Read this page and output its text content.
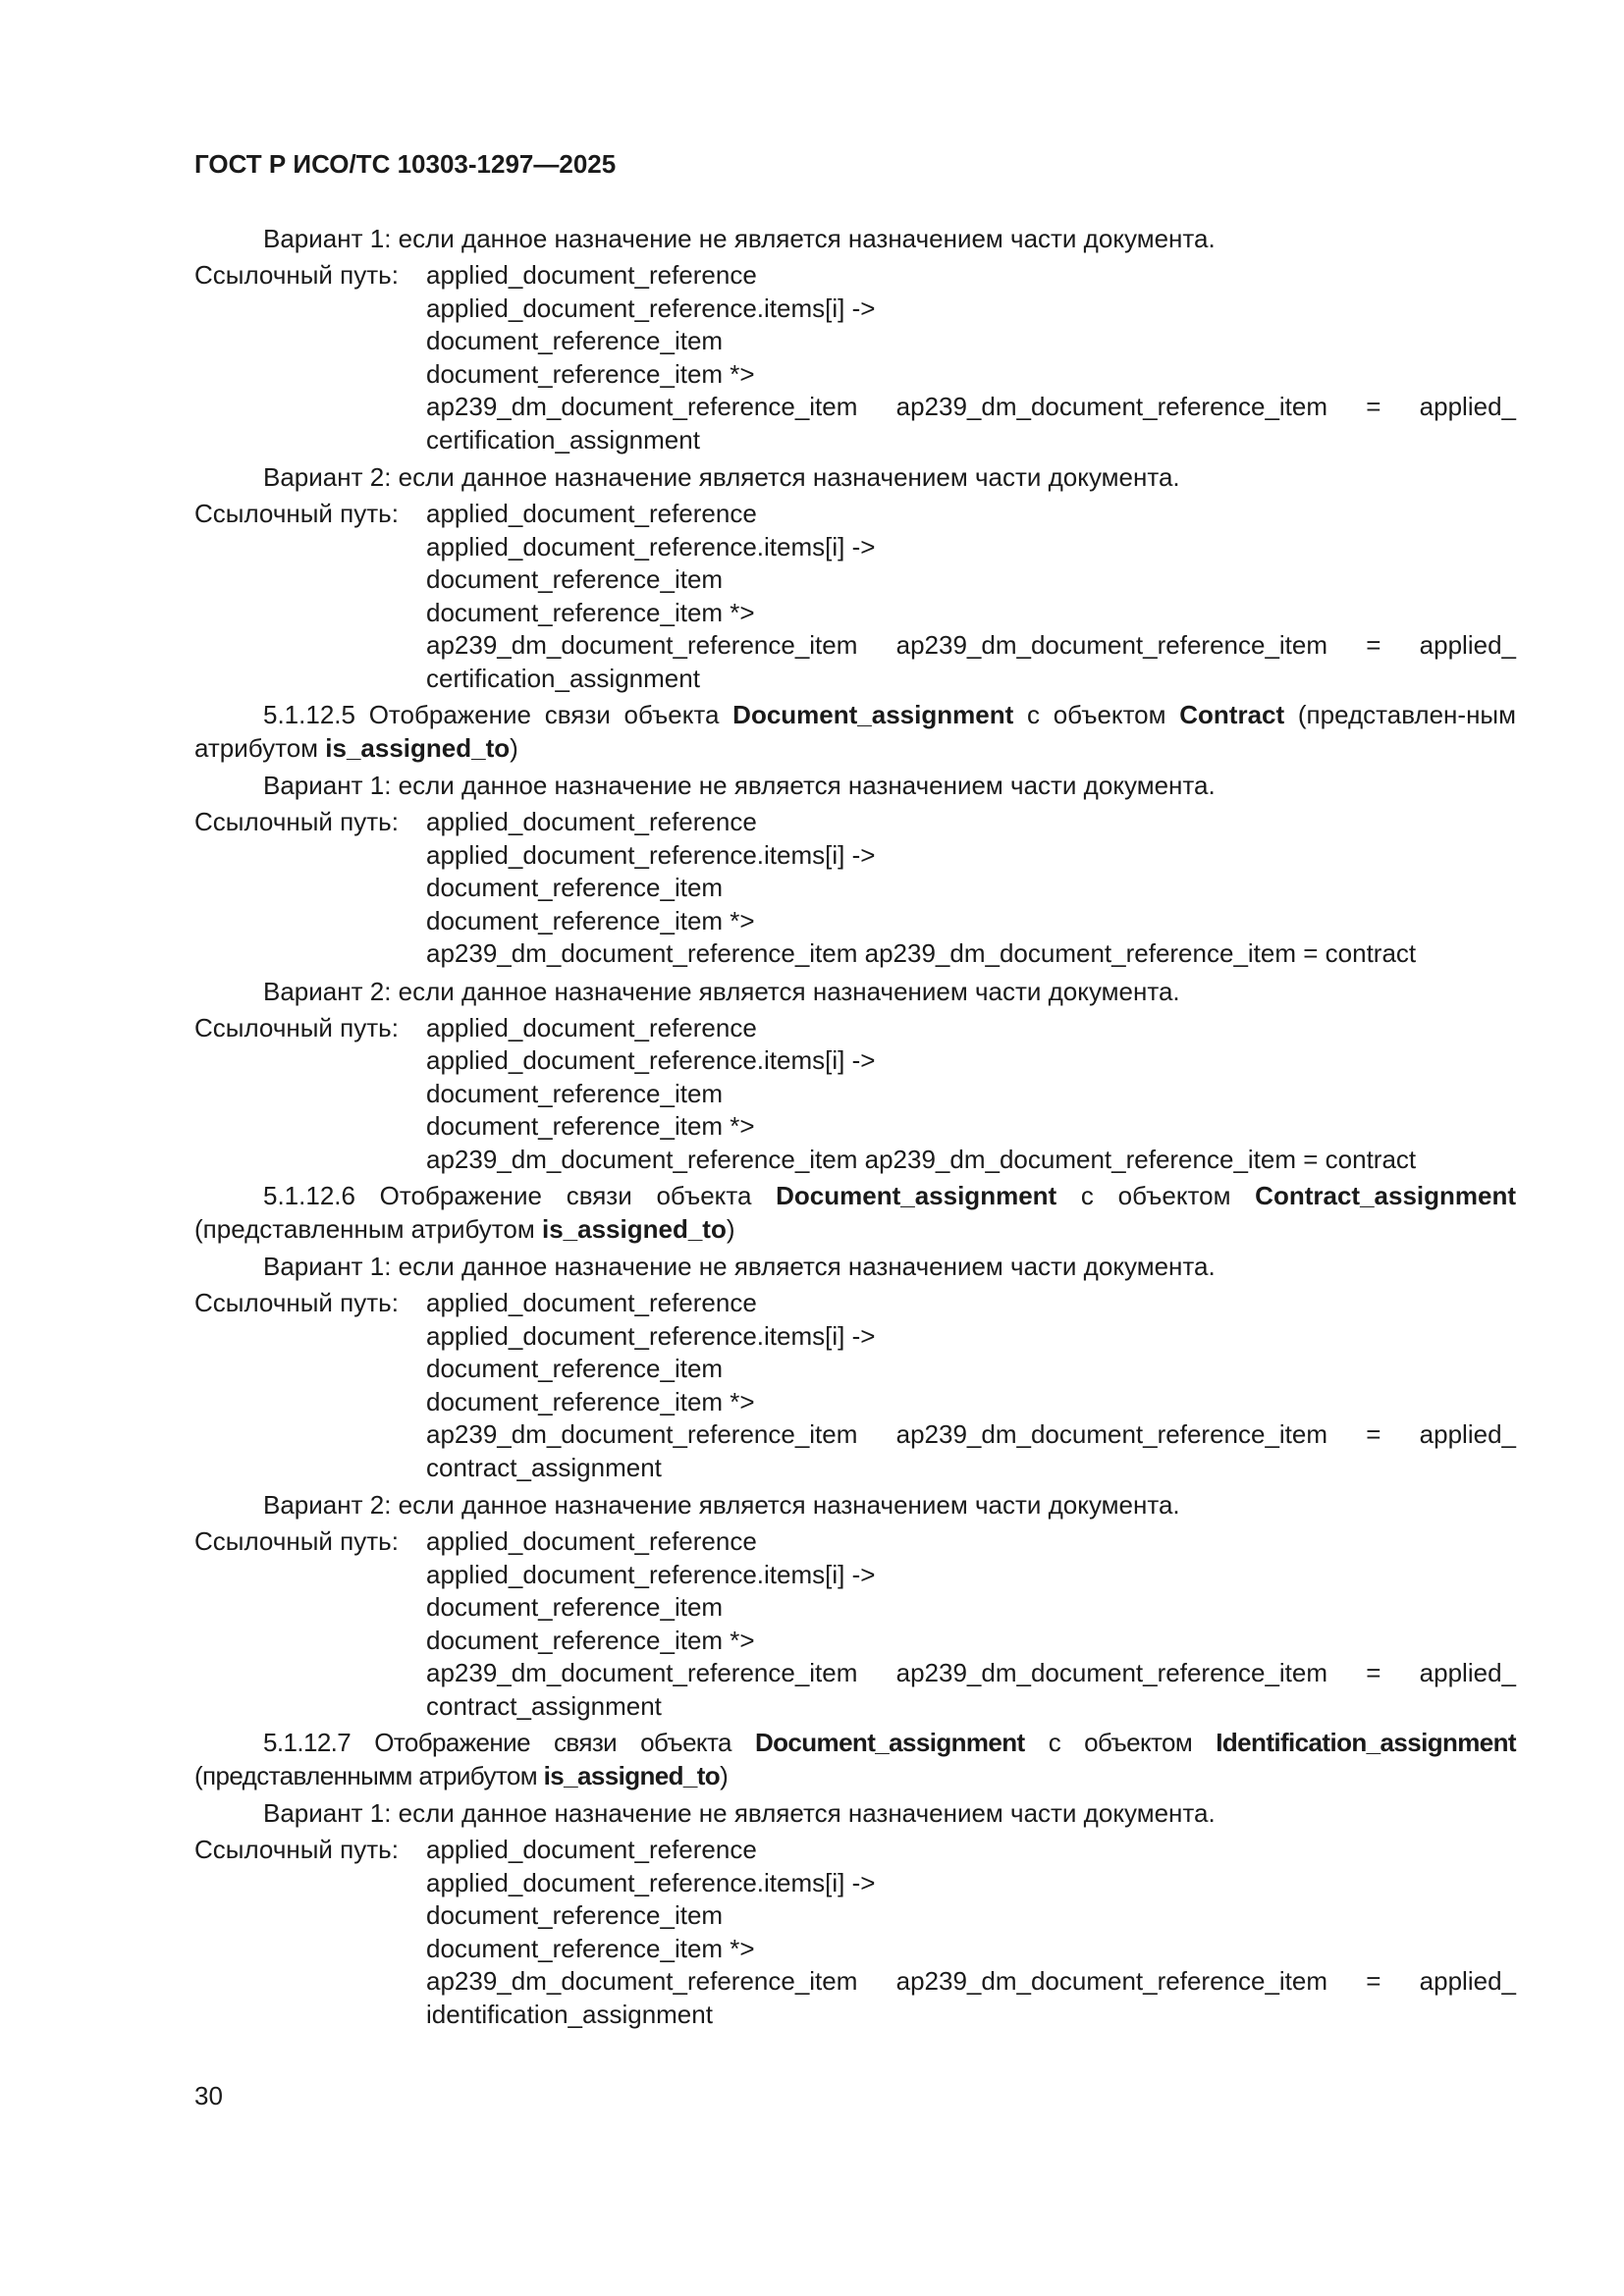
ГОСТ Р ИСО/ТС 10303-1297—2025

Вариант 1: если данное назначение не является назначением части документа.

Ссылочный путь:	applied_document_reference
applied_document_reference.items[i] ->
document_reference_item
document_reference_item *>
ap239_dm_document_reference_item ap239_dm_document_reference_item = applied_
certification_assignment

Вариант 2: если данное назначение является назначением части документа.

Ссылочный путь:	applied_document_reference
applied_document_reference.items[i] ->
document_reference_item
document_reference_item *>
ap239_dm_document_reference_item ap239_dm_document_reference_item = applied_
certification_assignment

5.1.12.5 Отображение связи объекта Document_assignment с объектом Contract (представлен-ным атрибутом is_assigned_to)

Вариант 1: если данное назначение не является назначением части документа.

Ссылочный путь:	applied_document_reference
applied_document_reference.items[i] ->
document_reference_item
document_reference_item *>
ap239_dm_document_reference_item ap239_dm_document_reference_item = contract

Вариант 2: если данное назначение является назначением части документа.

Ссылочный путь:	applied_document_reference
applied_document_reference.items[i] ->
document_reference_item
document_reference_item *>
ap239_dm_document_reference_item ap239_dm_document_reference_item = contract

5.1.12.6 Отображение связи объекта Document_assignment с объектом Contract_assignment (представленным атрибутом is_assigned_to)

Вариант 1: если данное назначение не является назначением части документа.

Ссылочный путь:	applied_document_reference
applied_document_reference.items[i] ->
document_reference_item
document_reference_item *>
ap239_dm_document_reference_item ap239_dm_document_reference_item = applied_
contract_assignment

Вариант 2: если данное назначение является назначением части документа.

Ссылочный путь:	applied_document_reference
applied_document_reference.items[i] ->
document_reference_item
document_reference_item *>
ap239_dm_document_reference_item ap239_dm_document_reference_item = applied_
contract_assignment

5.1.12.7 Отображение связи объекта Document_assignment с объектом Identification_assignment (представленнымм атрибутом is_assigned_to)

Вариант 1: если данное назначение не является назначением части документа.

Ссылочный путь:	applied_document_reference
applied_document_reference.items[i] ->
document_reference_item
document_reference_item *>
ap239_dm_document_reference_item ap239_dm_document_reference_item = applied_
identification_assignment
30
